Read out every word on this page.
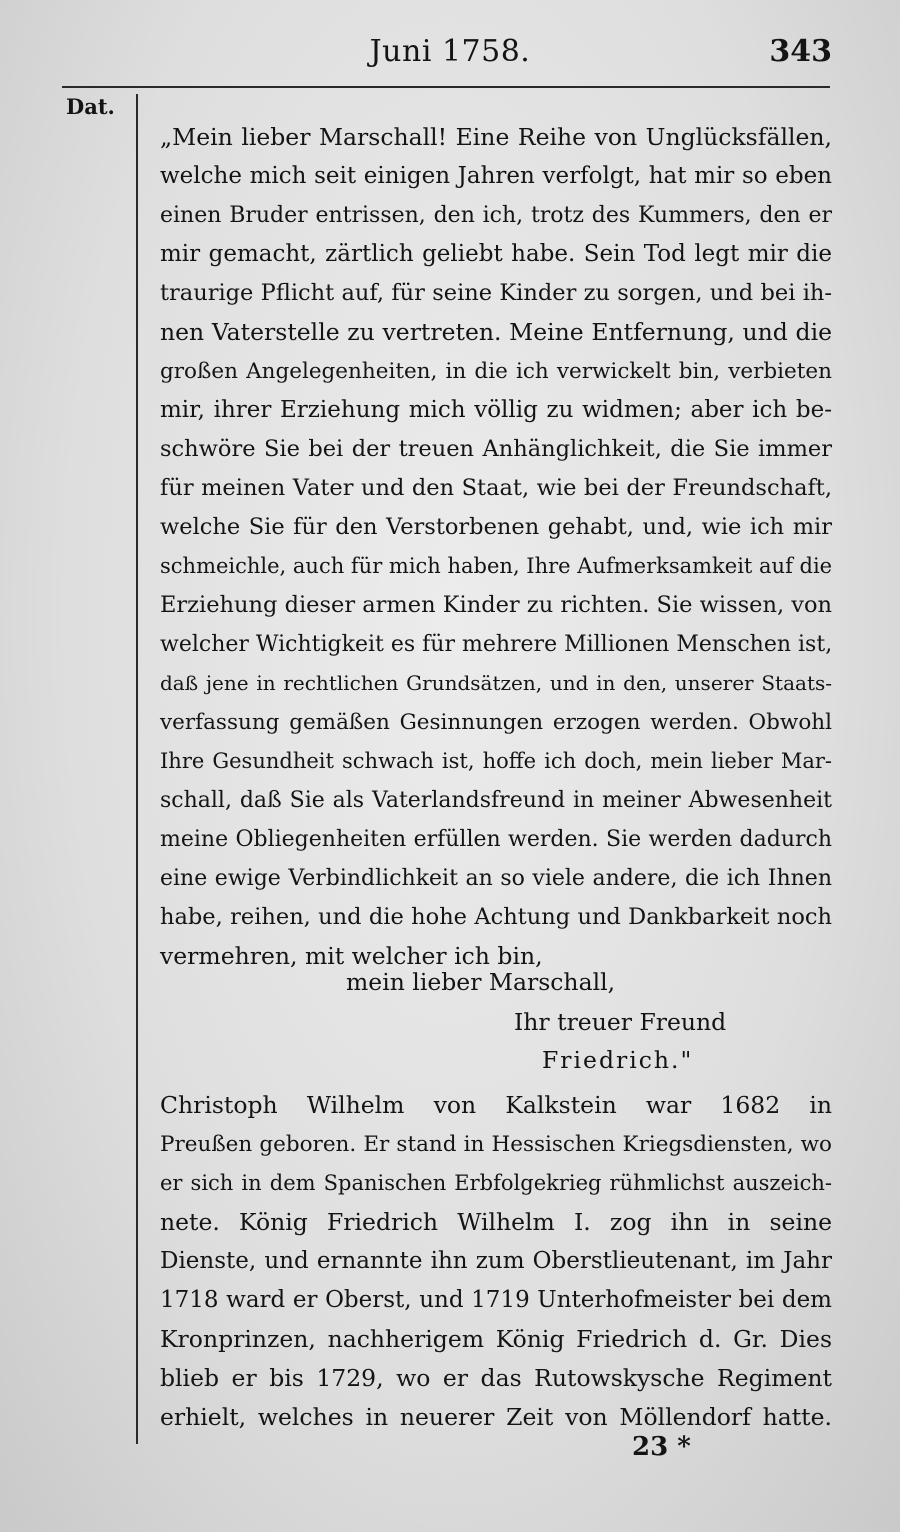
Juni 1758.	343
Dat.
„Mein lieber Marschall! Eine Reihe von Unglücksfällen,
welche mich seit einigen Jahren verfolgt, hat mir so eben
einen Bruder entrissen, den ich, trotz des Kummers, den er
mir gemacht, zärtlich geliebt habe. Sein Tod legt mir die
traurige Pflicht auf, für seine Kinder zu sorgen, und bei ih-
nen Vaterstelle zu vertreten. Meine Entfernung, und die
großen Angelegenheiten, in die ich verwickelt bin, verbieten
mir, ihrer Erziehung mich völlig zu widmen; aber ich be-
schwöre Sie bei der treuen Anhänglichkeit, die Sie immer
für meinen Vater und den Staat, wie bei der Freundschaft,
welche Sie für den Verstorbenen gehabt, und, wie ich mir
schmeichle, auch für mich haben, Ihre Aufmerksamkeit auf die
Erziehung dieser armen Kinder zu richten. Sie wissen, von
welcher Wichtigkeit es für mehrere Millionen Menschen ist,
daß jene in rechtlichen Grundsätzen, und in den, unserer Staats-
verfassung gemäßen Gesinnungen erzogen werden. Obwohl
Ihre Gesundheit schwach ist, hoffe ich doch, mein lieber Mar-
schall, daß Sie als Vaterlandsfreund in meiner Abwesenheit
meine Obliegenheiten erfüllen werden. Sie werden dadurch
eine ewige Verbindlichkeit an so viele andere, die ich Ihnen
habe, reihen, und die hohe Achtung und Dankbarkeit noch
vermehren, mit welcher ich bin,
mein lieber Marschall,
Ihr treuer Freund
Friedrich."
Christoph Wilhelm von Kalkstein war 1682 in
Preußen geboren. Er stand in Hessischen Kriegsdiensten, wo
er sich in dem Spanischen Erbfolgekrieg rühmlichst auszeich-
nete. König Friedrich Wilhelm I. zog ihn in seine
Dienste, und ernannte ihn zum Oberstlieutenant, im Jahr
1718 ward er Oberst, und 1719 Unterhofmeister bei dem
Kronprinzen, nachherigem König Friedrich d. Gr. Dies
blieb er bis 1729, wo er das Rutowskysche Regiment
erhielt, welches in neuerer Zeit von Möllendorf hatte.
23 *
